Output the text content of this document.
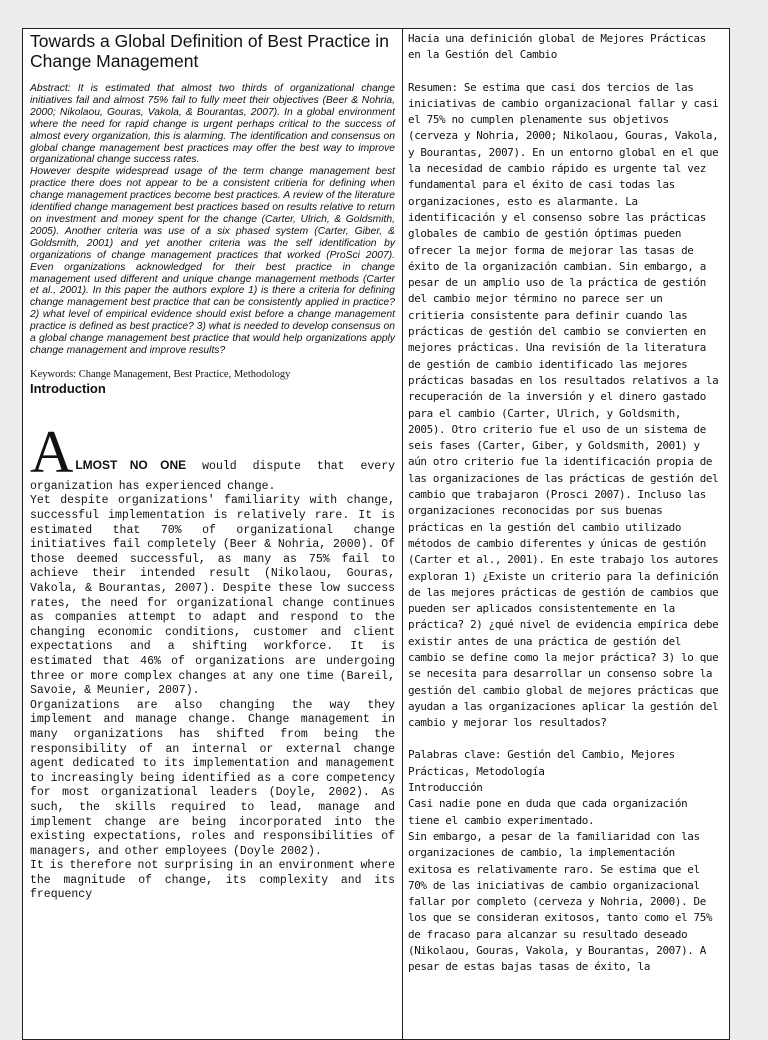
Towards a Global Definition of Best Practice in Change Management

Abstract: It is estimated that almost two thirds of organizational change initiatives fail and almost 75% fail to fully meet their objectives (Beer & Nohria, 2000; Nikolaou, Gouras, Vakola, & Bourantas, 2007). In a global environment where the need for rapid change is urgent perhaps critical to the success of almost every organization, this is alarming. The identification and consensus on global change management best practices may offer the best way to improve organizational change success rates.

However despite widespread usage of the term change management best practice there does not appear to be a consistent critieria for defining when change management practices become best practices. A review of the literature identified change management best practices based on results relative to return on investment and money spent for the change (Carter, Ulrich, & Goldsmith, 2005). Another criteria was use of a six phased system (Carter, Giber, & Goldsmith, 2001) and yet another criteria was the self identification by organizations of change management practices that worked (ProSci 2007). Even organizations acknowledged for their best practice in change management used different and unique change management methods (Carter et al., 2001). In this paper the authors explore 1) is there a criteria for defining change management best practice that can be consistently applied in practice? 2) what level of empirical evidence should exist before a change management practice is defined as best practice? 3) what is needed to develop consensus on a global change management best practice that would help organizations apply change management and improve results?

Keywords: Change Management, Best Practice, Methodology

Introduction
A LMOST NO ONE would dispute that every

organization has experienced change.

Yet despite organizations' familiarity with change, successful implementation is relatively rare. It is estimated that 70% of organizational change initiatives fail completely (Beer & Nohria, 2000). Of those deemed successful, as many as 75% fail to achieve their intended result (Nikolaou, Gouras, Vakola, & Bourantas, 2007). Despite these low success rates, the need for organizational change continues as companies attempt to adapt and respond to the changing economic conditions, customer and client expectations and a shifting workforce. It is estimated that 46% of organizations are undergoing three or more complex changes at any one time (Bareil, Savoie, & Meunier, 2007).

Organizations are also changing the way they implement and manage change. Change management in many organizations has shifted from being the responsibility of an internal or external change agent dedicated to its implementation and management to increasingly being identified as a core competency for most organizational leaders (Doyle, 2002). As such, the skills required to lead, manage and implement change are being incorporated into the existing expectations, roles and responsibilities of managers, and other employees (Doyle 2002).

It is therefore not surprising in an environment where the magnitude of change, its complexity and its frequency

Hacia una definición global de Mejores Prácticas en la Gestión del Cambio

Resumen: Se estima que casi dos tercios de las iniciativas de cambio organizacional fallar y casi el 75% no cumplen plenamente sus objetivos (cerveza y Nohria, 2000; Nikolaou, Gouras, Vakola, y Bourantas, 2007). En un entorno global en el que la necesidad de cambio rápido es urgente tal vez fundamental para el éxito de casi todas las organizaciones, esto es alarmante. La identificación y el consenso sobre las prácticas globales de cambio de gestión óptimas pueden ofrecer la mejor forma de mejorar las tasas de éxito de la organización cambian. Sin embargo, a pesar de un amplio uso de la práctica de gestión del cambio mejor término no parece ser un critieria consistente para definir cuando las prácticas de gestión del cambio se convierten en mejores prácticas. Una revisión de la literatura de gestión de cambio identificado las mejores prácticas basadas en los resultados relativos a la recuperación de la inversión y el dinero gastado para el cambio (Carter, Ulrich, y Goldsmith, 2005). Otro criterio fue el uso de un sistema de seis fases (Carter, Giber, y Goldsmith, 2001) y aún otro criterio fue la identificación propia de las organizaciones de las prácticas de gestión del cambio que trabajaron (Prosci 2007). Incluso las organizaciones reconocidas por sus buenas prácticas en la gestión del cambio utilizado métodos de cambio diferentes y únicas de gestión (Carter et al., 2001). En este trabajo los autores exploran 1) ¿Existe un criterio para la definición de las mejores prácticas de gestión de cambios que pueden ser aplicados consistentemente en la práctica? 2) ¿qué nivel de evidencia empírica debe existir antes de una práctica de gestión del cambio se define como la mejor práctica? 3) lo que se necesita para desarrollar un consenso sobre la gestión del cambio global de mejores prácticas que ayudan a las organizaciones aplicar la gestión del cambio y mejorar los resultados?

Palabras clave: Gestión del Cambio, Mejores Prácticas, Metodología

Introducción

Casi nadie pone en duda que cada organización tiene el cambio experimentado.

Sin embargo, a pesar de la familiaridad con las organizaciones de cambio, la implementación exitosa es relativamente raro. Se estima que el 70% de las iniciativas de cambio organizacional fallar por completo (cerveza y Nohria, 2000). De los que se consideran exitosos, tanto como el 75% de fracaso para alcanzar su resultado deseado (Nikolaou, Gouras, Vakola, y Bourantas, 2007). A pesar de estas bajas tasas de éxito, la
